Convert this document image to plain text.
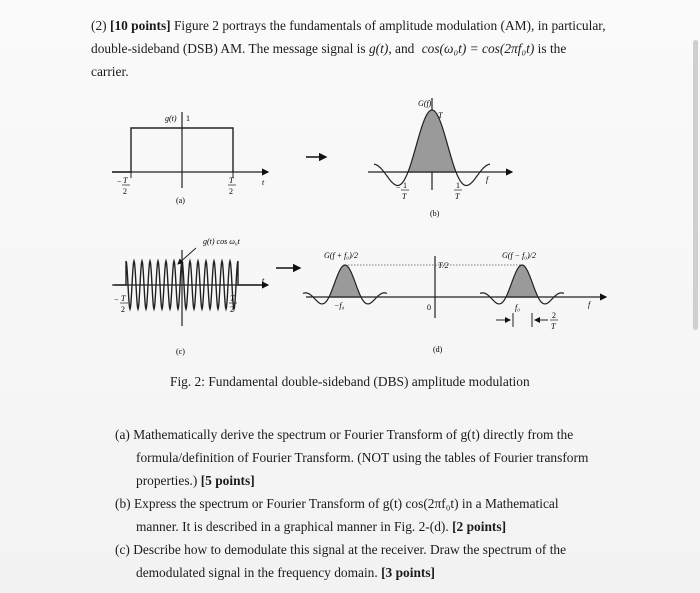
(2) [10 points] Figure 2 portrays the fundamentals of amplitude modulation (AM), in particular,
double-sideband (DSB) AM. The message signal is g(t), and cos(ω₀t) = cos(2πf₀t) is the
carrier.
g(t) 1
− T
2
T
2
t
(a)
G(f)
T
− 1
T
1
T
f
(b)
g(t) cos ω₀t
− T
2
T
2
t
(c)
G(f + f₀)/2	G(f − f₀)/2
T/2
0
−f₀	f₀
2
T
f
(d)
Fig. 2: Fundamental double-sideband (DBS) amplitude modulation
(a) Mathematically derive the spectrum or Fourier Transform of g(t) directly from the
formula/definition of Fourier Transform. (NOT using the tables of Fourier transform
properties.) [5 points]
(b) Express the spectrum or Fourier Transform of g(t) cos(2πf₀t) in a Mathematical
manner. It is described in a graphical manner in Fig. 2-(d). [2 points]
(c) Describe how to demodulate this signal at the receiver. Draw the spectrum of the
demodulated signal in the frequency domain. [3 points]
